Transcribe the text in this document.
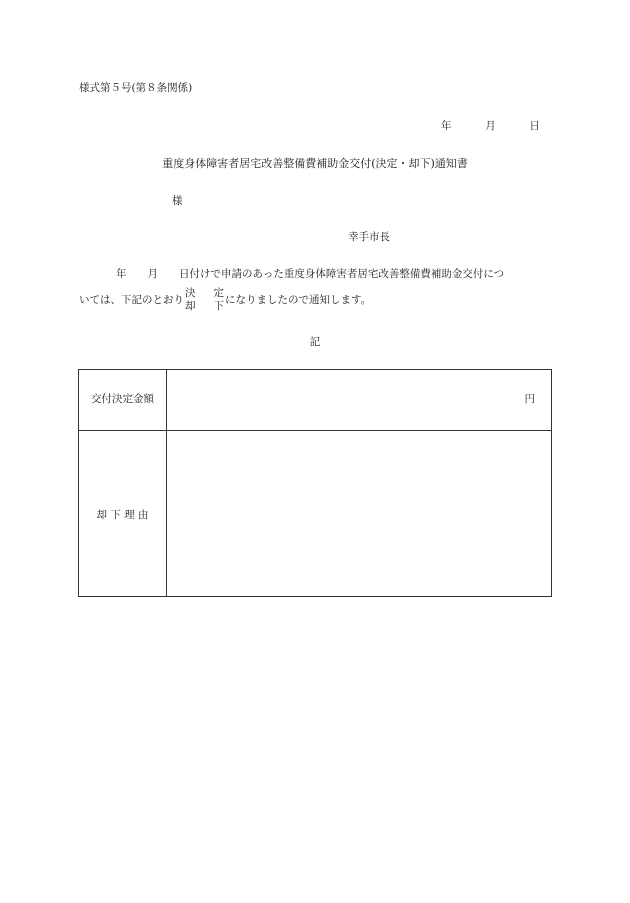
様式第５号(第８条関係)
年	月	日
重度身体障害者居宅改善整備費補助金交付(決定・却下)通知書
様
幸手市長
年 月 日付けで申請のあった重度身体障害者居宅改善整備費補助金交付につ
いては、下記のとおり
決 定
却 下
になりましたので通知します。
記
交付決定金額	円
却 下 理 由
